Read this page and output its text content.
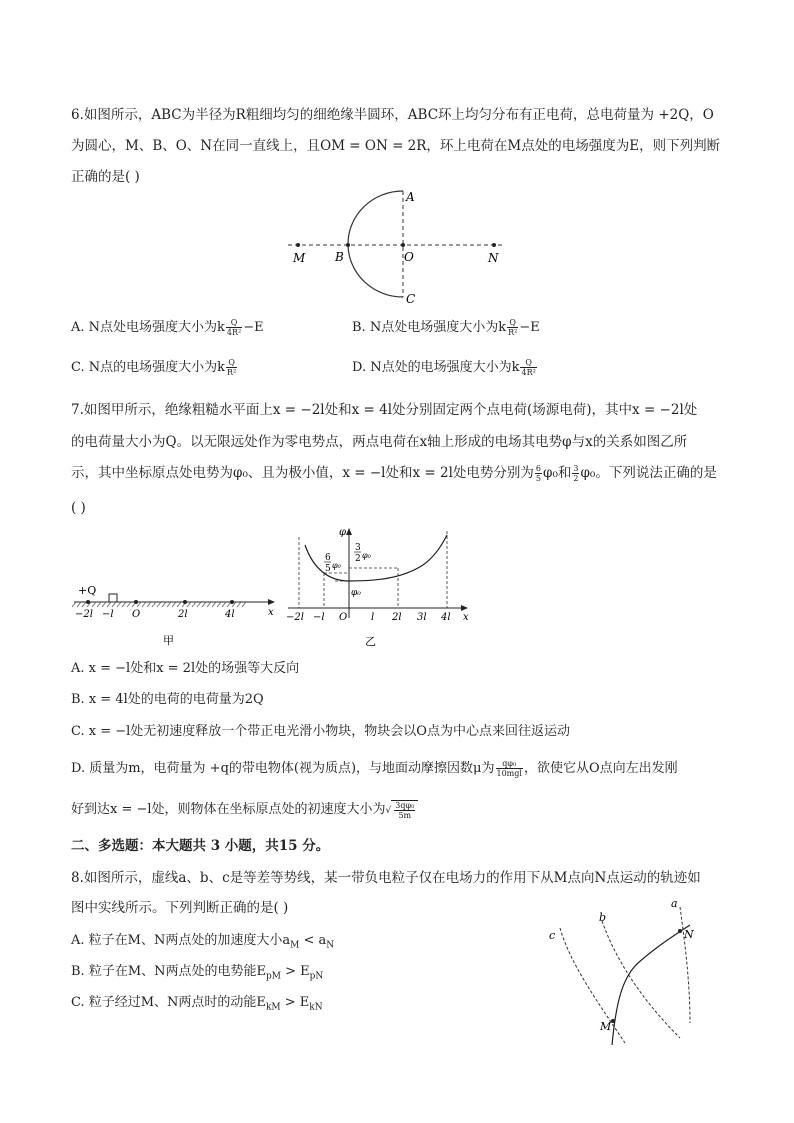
6.如图所示，ABC为半径为R粗细均匀的细绝缘半圆环，ABC环上均匀分布有正电荷，总电荷量为 +2Q，O
为圆心，M、B、O、N在同一直线上，且OM = ON = 2R，环上电荷在M点处的电场强度为E，则下列判断
正确的是( )
A
B
C
M	O	N
A. N点处电场强度大小为k $\frac{Q}{\text{4R²}} -E$	B. N点处电场强度大小为k $\frac{Q}{\text{R²}} -E$
C. N点的电场强度大小为k $\frac{Q}{\text{R²}}$	D. N点处的电场强度大小为k $\frac{Q}{\text{4R²}}$
7.如图甲所示，绝缘粗糙水平面上x = −2l处和x = 4l处分别固定两个点电荷(场源电荷)，其中x = −2l处
的电荷量大小为Q。以无限远处作为零电势点，两点电荷在x轴上形成的电场其电势φ与x的关系如图乙所
示，其中坐标原点处电势为φ₀、且为极小值，x = −l处和x = 2l处电势分别为 $\frac{6}{5} \varphi_0$和 $\frac{3}{2} \varphi_0$。下列说法正确的是
( )
+Q
−2l −l O	2l	4l	x
甲
φ
6
5 φ₀
3
2 φ₀
φ₀
−2l −l O l 2l 3l 4l x
乙
A. x = −l处和x = 2l处的场强等大反向
B. x = 4l处的电荷的电荷量为2Q
C. x = −l处无初速度释放一个带正电光滑小物块，物块会以O点为中心点来回往返运动
D. 质量为m，电荷量为 +q的带电物体(视为质点)，与地面动摩擦因数μ为 $\frac{\text{qφ₀}}{\text{10mgl}}$ ，欲使它从O点向左出发刚
好到达x = −l处，则物体在坐标原点处的初速度大小为√ $\frac{\text{3qφ₀}}{5m}$
二、多选题：本大题共 3 小题，共15 分。
8.如图所示，虚线a、b、c是等差等势线，某一带负电粒子仅在电场力的作用下从M点向N点运动的轨迹如
图中实线所示。下列判断正确的是( )
A. 粒子在M、N两点处的加速度大小$a_M < a_N$
B. 粒子在M、N两点处的电势能$E_{pM} > E_{pN}$
C. 粒子经过M、N两点时的动能$E_{kM} > E_{kN}$
a
b
c
M
N
